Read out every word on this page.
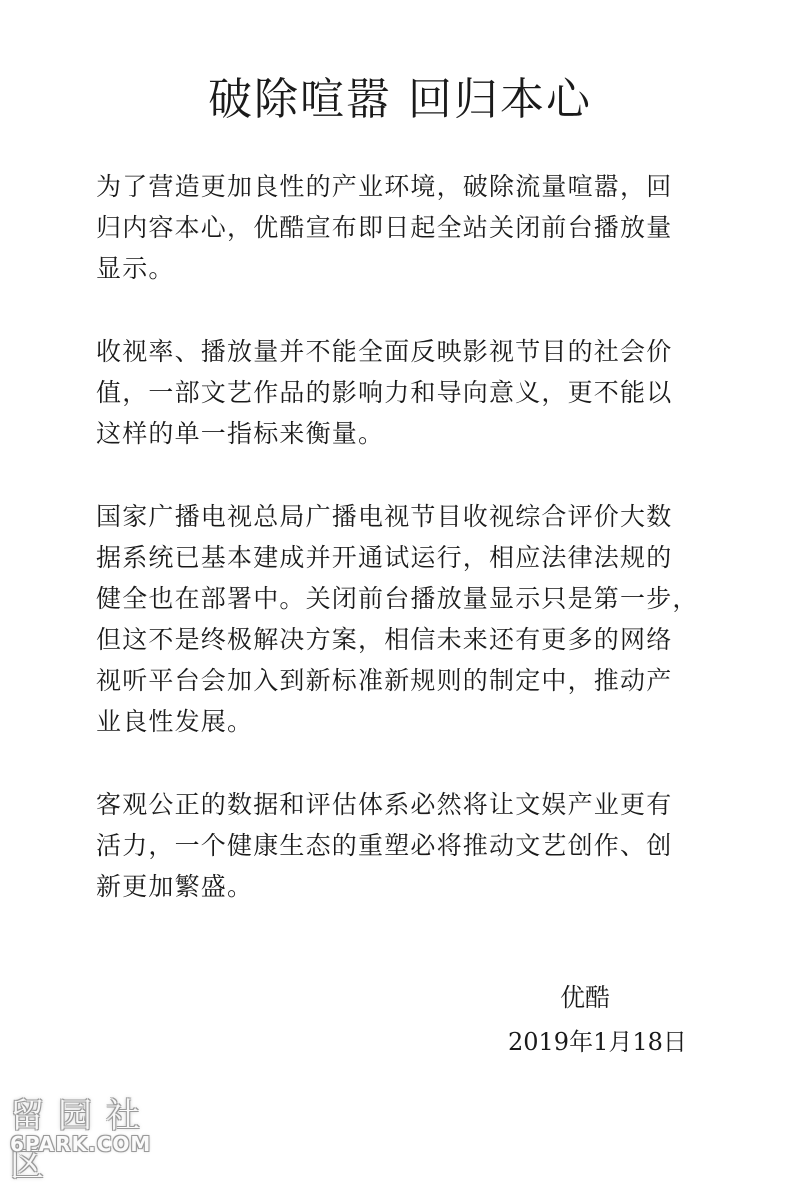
破除喧嚣 回归本心

为了营造更加良性的产业环境，破除流量喧嚣，回
归内容本心，优酷宣布即日起全站关闭前台播放量
显示。

收视率、播放量并不能全面反映影视节目的社会价
值，一部文艺作品的影响力和导向意义，更不能以
这样的单一指标来衡量。

国家广播电视总局广播电视节目收视综合评价大数
据系统已基本建成并开通试运行，相应法律法规的
健全也在部署中。关闭前台播放量显示只是第一步，
但这不是终极解决方案，相信未来还有更多的网络
视听平台会加入到新标准新规则的制定中，推动产
业良性发展。

客观公正的数据和评估体系必然将让文娱产业更有
活力，一个健康生态的重塑必将推动文艺创作、创
新更加繁盛。

优酷
2019年1月18日
留园社区
6PARK.COM
